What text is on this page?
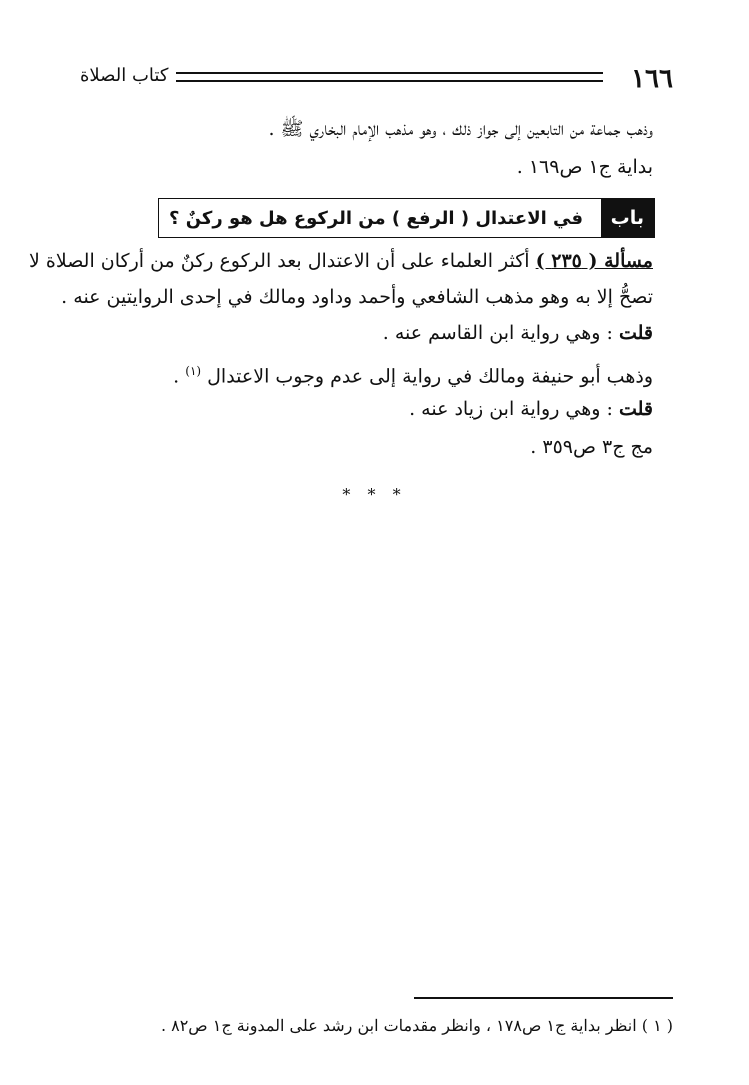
١٦٦
كتاب الصلاة
وذهب جماعة من التابعين إلى جواز ذلك ، وهو مذهب الإمام البخاري ﷺ .
بداية ج١ ص١٦٩ .
باب
في الاعتدال ( الرفع ) من الركوع هل هو ركنٌ ؟
مسألة ( ٢٣٥ ) أكثر العلماء على أن الاعتدال بعد الركوع ركنٌ من أركان الصلاة لا
تصحُّ إلا به وهو مذهب الشافعي وأحمد وداود ومالك في إحدى الروايتين عنه .
قلت : وهي رواية ابن القاسم عنه .
وذهب أبو حنيفة ومالك في رواية إلى عدم وجوب الاعتدال $^{(١)}$ .
قلت : وهي رواية ابن زياد عنه .
مج ج٣ ص٣٥٩ .
* * *
( ١ ) انظر بداية ج١ ص١٧٨ ، وانظر مقدمات ابن رشد على المدونة ج١ ص٨٢ .
